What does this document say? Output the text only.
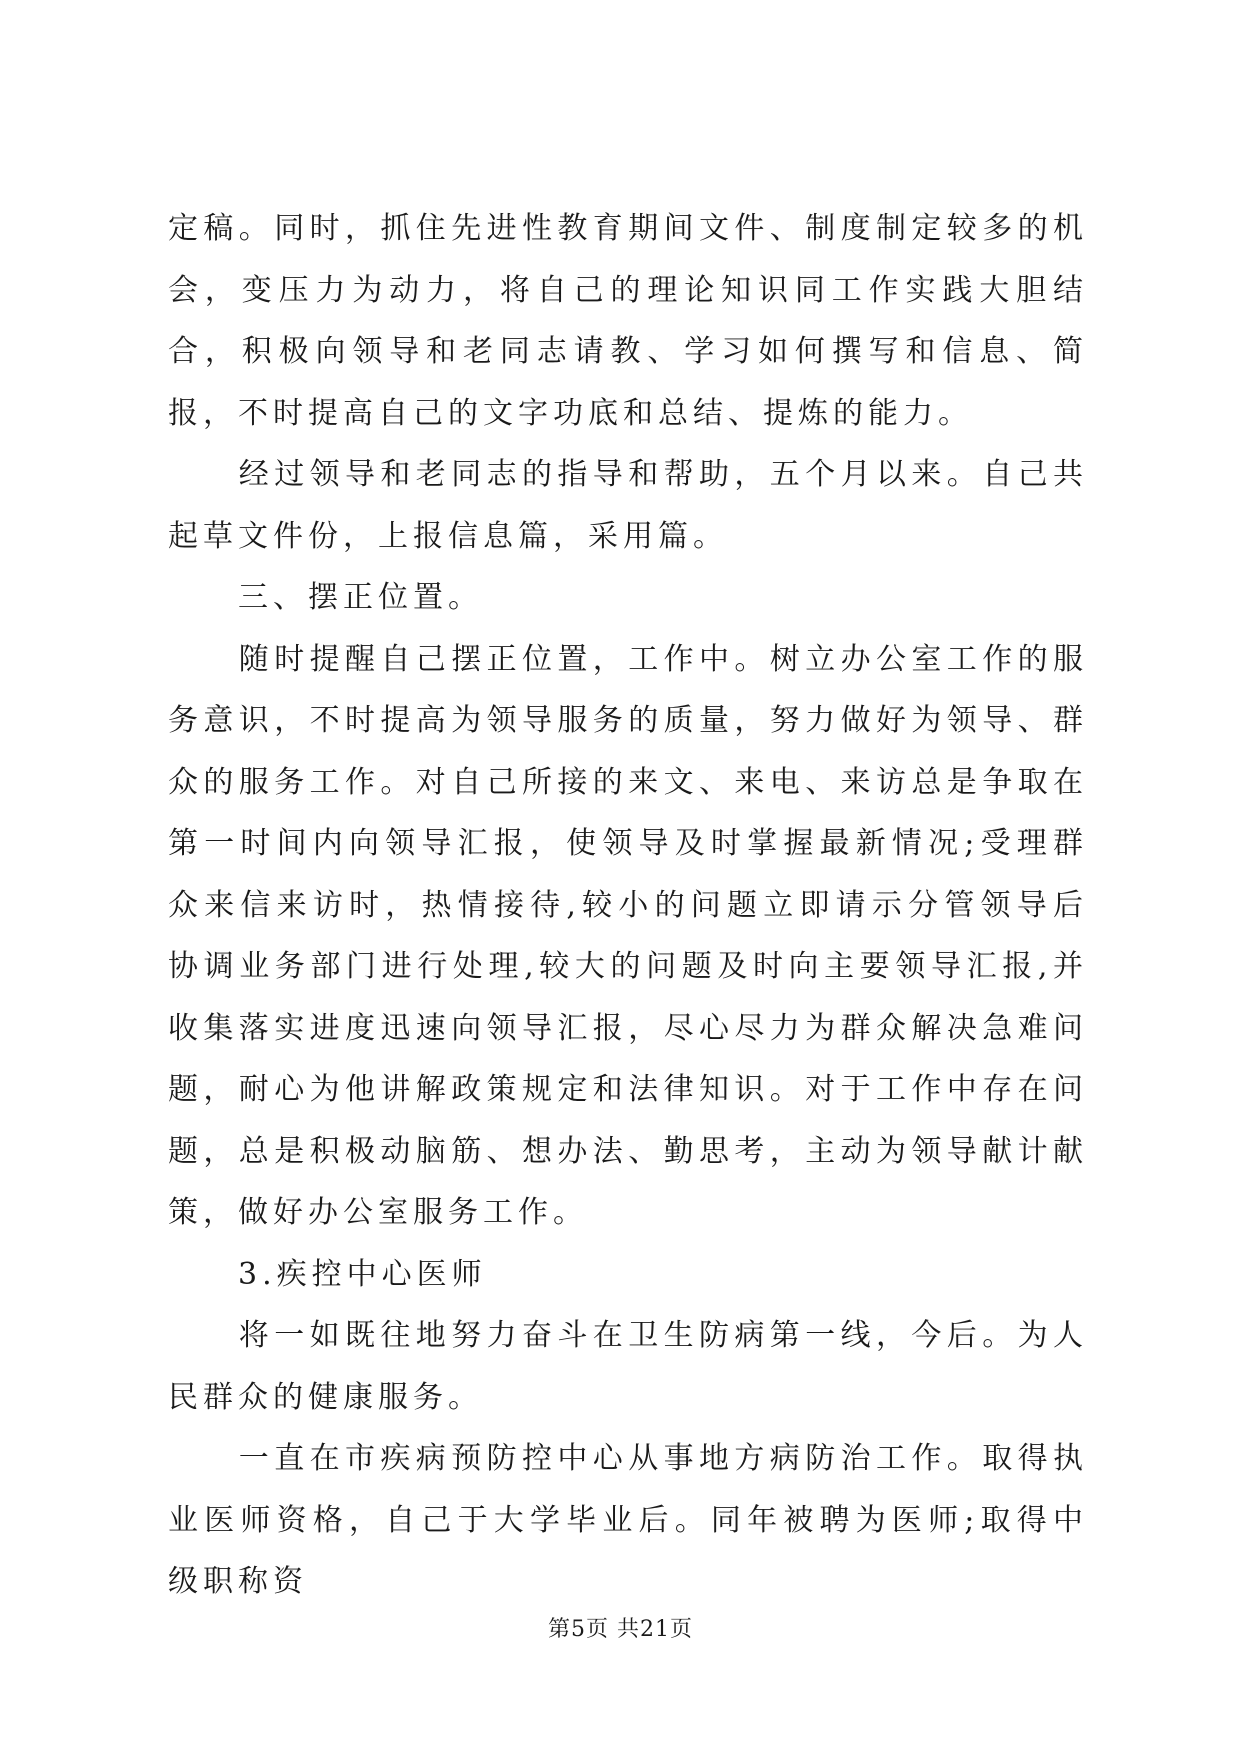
定稿。同时，抓住先进性教育期间文件、制度制定较多的机会，变压力为动力，将自己的理论知识同工作实践大胆结合，积极向领导和老同志请教、学习如何撰写和信息、简报，不时提高自己的文字功底和总结、提炼的能力。

　　经过领导和老同志的指导和帮助，五个月以来。自己共起草文件份，上报信息篇，采用篇。

　　三、摆正位置。

　　随时提醒自己摆正位置，工作中。树立办公室工作的服务意识，不时提高为领导服务的质量，努力做好为领导、群众的服务工作。对自己所接的来文、来电、来访总是争取在第一时间内向领导汇报，使领导及时掌握最新情况;受理群众来信来访时，热情接待,较小的问题立即请示分管领导后协调业务部门进行处理,较大的问题及时向主要领导汇报,并收集落实进度迅速向领导汇报，尽心尽力为群众解决急难问题，耐心为他讲解政策规定和法律知识。对于工作中存在问题，总是积极动脑筋、想办法、勤思考，主动为领导献计献策，做好办公室服务工作。

　　3.疾控中心医师

　　将一如既往地努力奋斗在卫生防病第一线，今后。为人民群众的健康服务。

　　一直在市疾病预防控中心从事地方病防治工作。取得执业医师资格，自己于大学毕业后。同年被聘为医师;取得中级职称资

第5页 共21页
